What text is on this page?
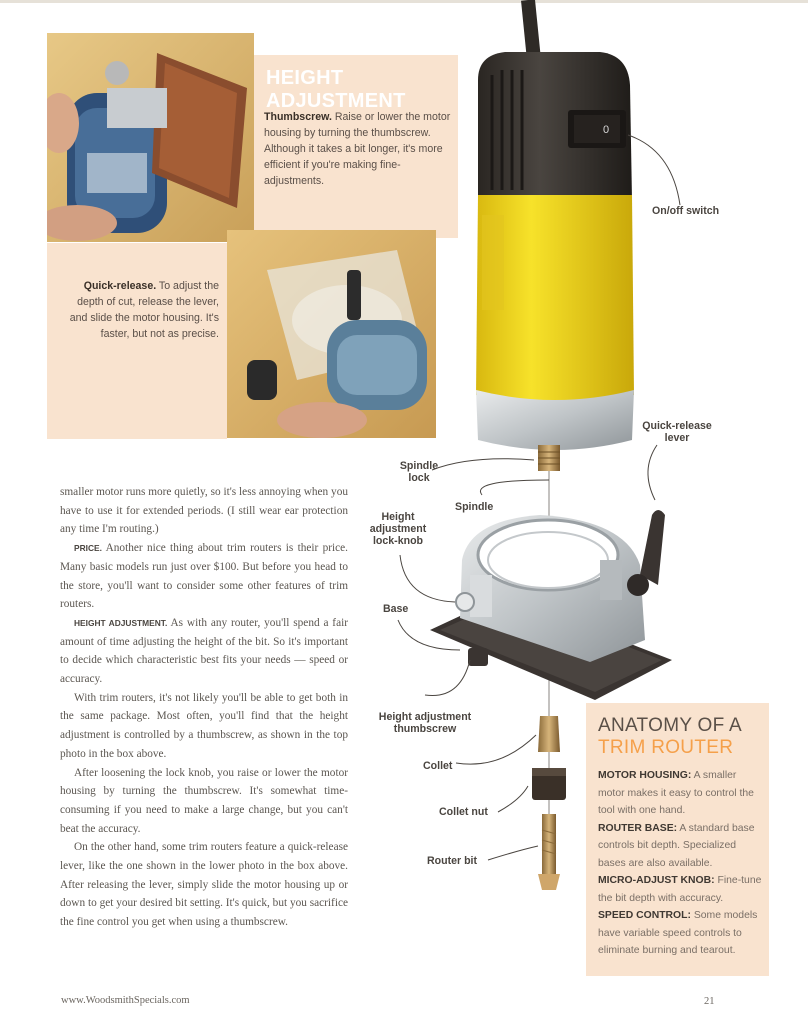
HEIGHT ADJUSTMENT
Thumbscrew. Raise or lower the motor housing by turning the thumbscrew. Although it takes a bit longer, it's more efficient if you're making fine-adjustments.
Quick-release. To adjust the depth of cut, release the lever, and slide the motor housing. It's faster, but not as precise.

smaller motor runs more quietly, so it's less annoying when you have to use it for extended periods. (I still wear ear protection any time I'm routing.)

PRICE. Another nice thing about trim routers is their price. Many basic models run just over $100. But before you head to the store, you'll want to consider some other features of trim routers.

HEIGHT ADJUSTMENT. As with any router, you'll spend a fair amount of time adjusting the height of the bit. So it's important to decide which characteristic best fits your needs — speed or accuracy.

With trim routers, it's not likely you'll be able to get both in the same package. Most often, you'll find that the height adjustment is controlled by a thumbscrew, as shown in the top photo in the box above.

After loosening the lock knob, you raise or lower the motor housing by turning the thumbscrew. It's somewhat time-consuming if you need to make a large change, but you can't beat the accuracy.

On the other hand, some trim routers feature a quick-release lever, like the one shown in the lower photo in the box above. After releasing the lever, simply slide the motor housing up or down to get your desired bit setting. It's quick, but you sacrifice the fine control you get when using a thumbscrew.

0
On/off switch
Quick-release
lever
Spindle
lock
Spindle
Height
adjustment
lock-knob
Base
Height adjustment
thumbscrew
Collet
Collet nut
Router bit
ANATOMY OF A
TRIM ROUTER
MOTOR HOUSING: A smaller motor makes it easy to control the tool with one hand.
ROUTER BASE: A standard base controls bit depth. Specialized bases are also available.
MICRO-ADJUST KNOB: Fine-tune the bit depth with accuracy.
SPEED CONTROL: Some models have variable speed controls to eliminate burning and tearout.
www.WoodsmithSpecials.com	21
